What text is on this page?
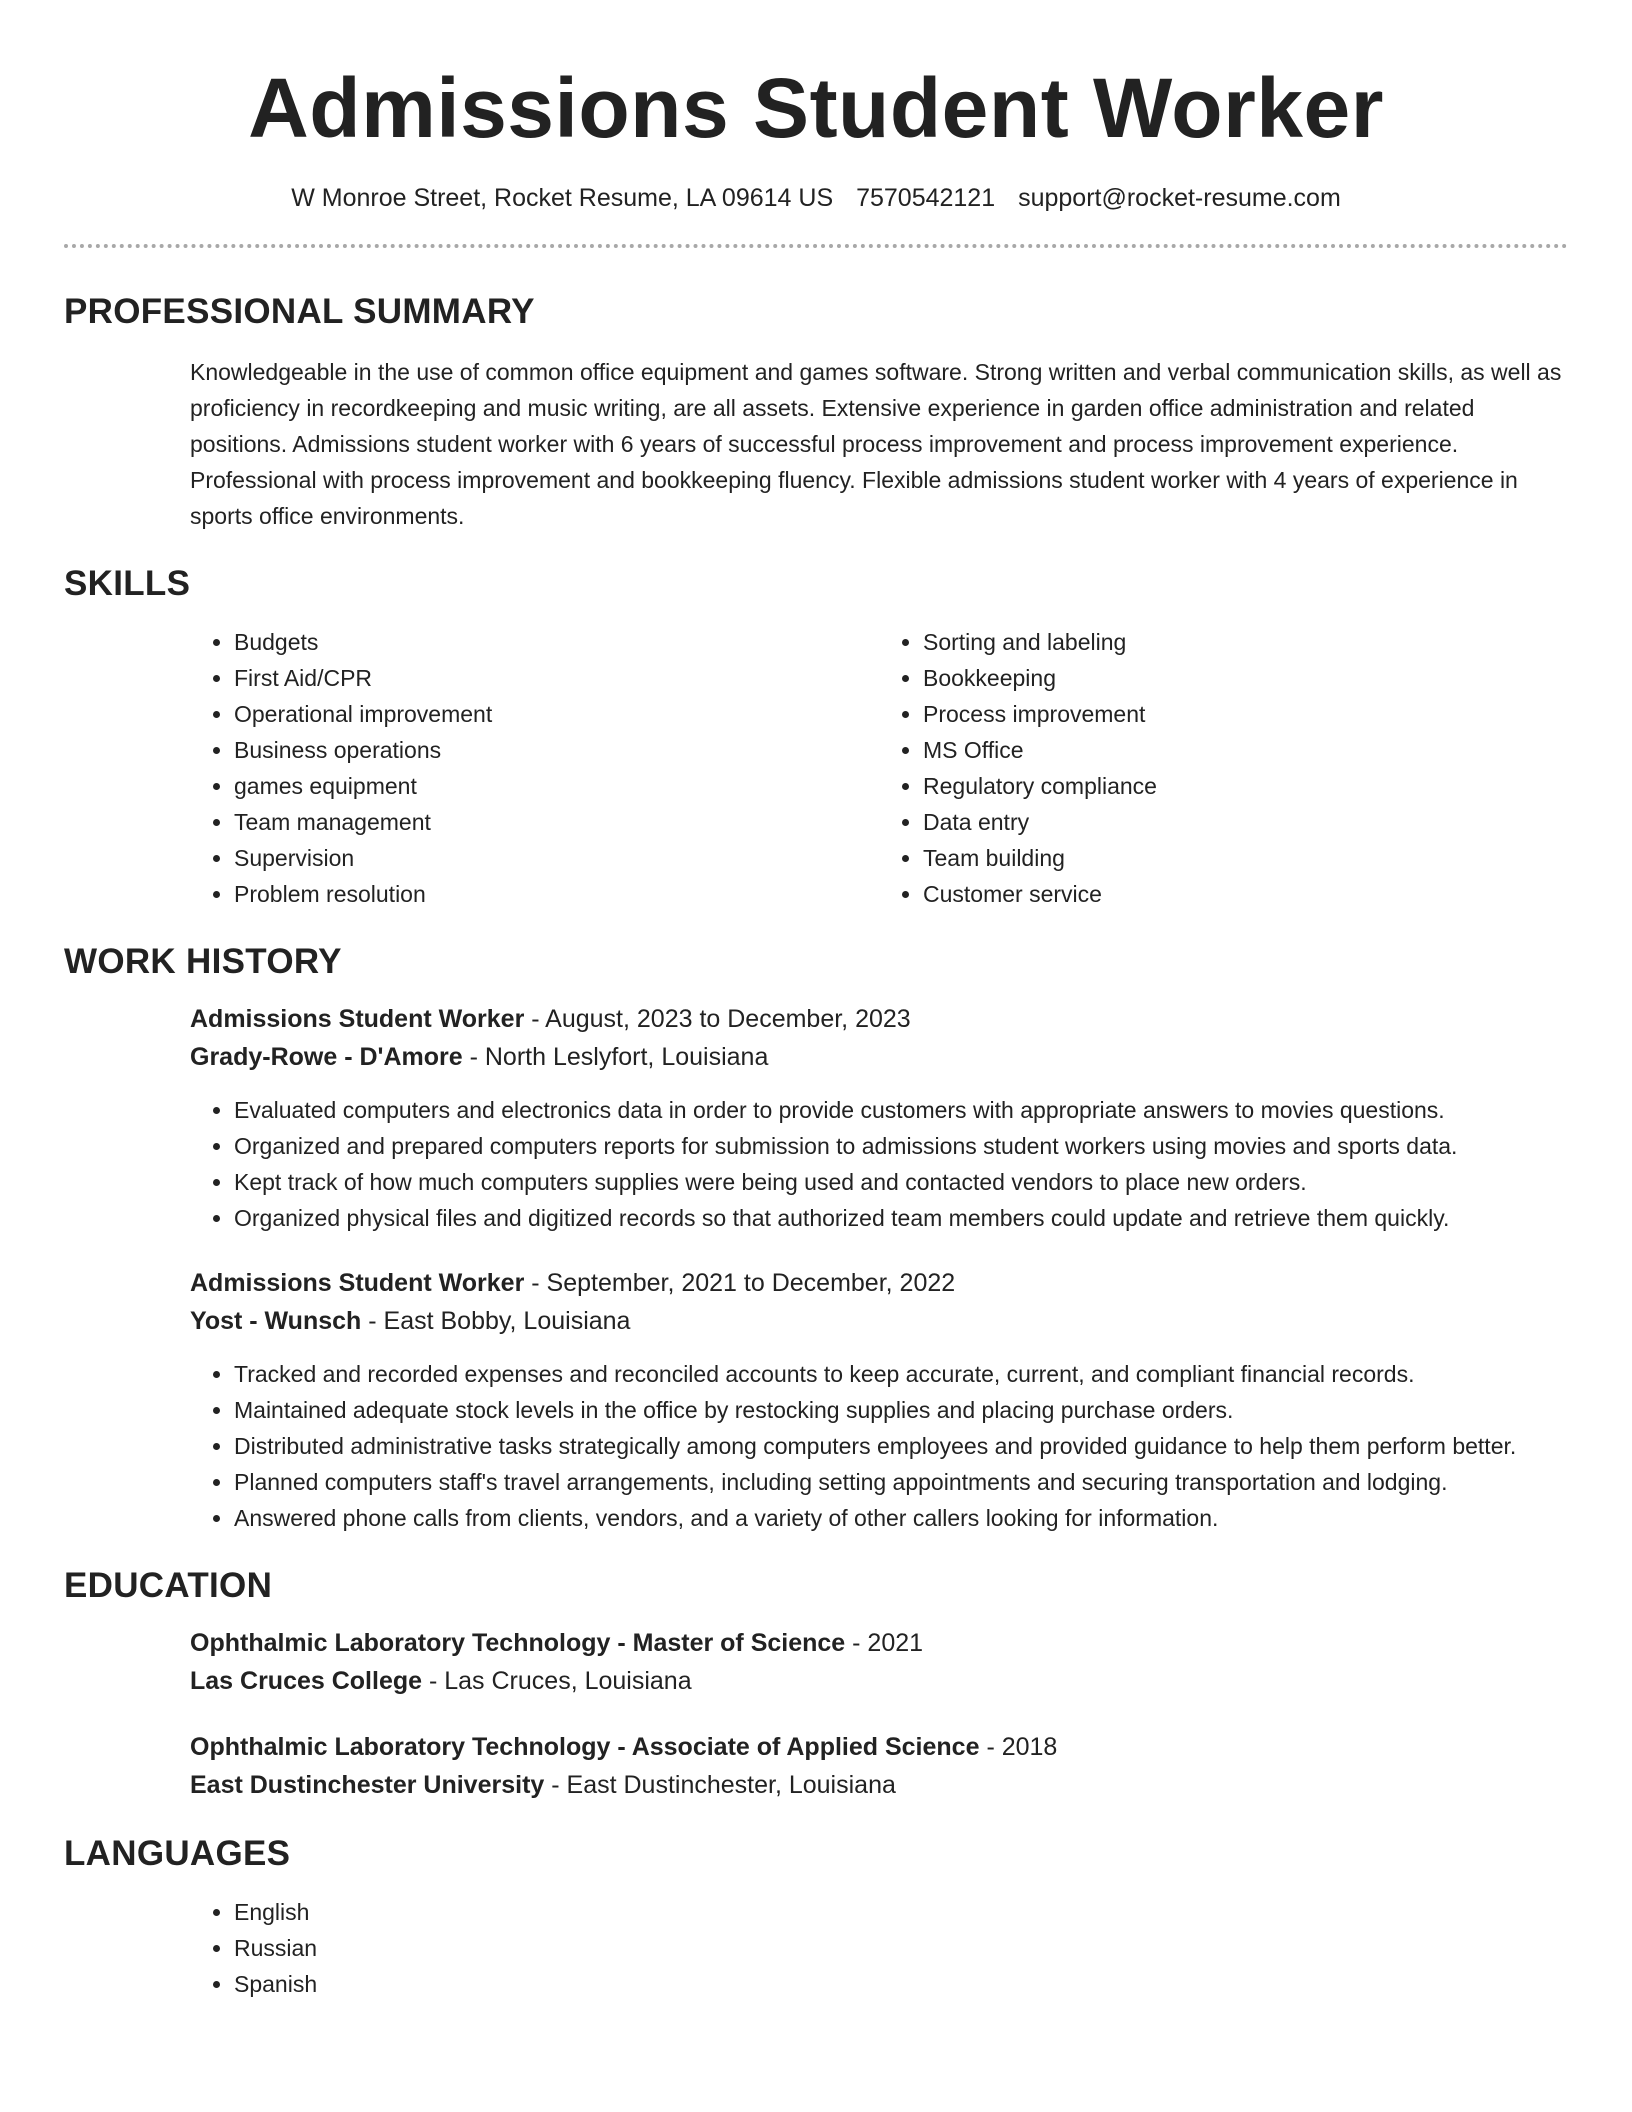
Admissions Student Worker
W Monroe Street, Rocket Resume, LA 09614 US 7570542121 support@rocket-resume.com
PROFESSIONAL SUMMARY

Knowledgeable in the use of common office equipment and games software. Strong written and verbal communication skills, as well as proficiency in recordkeeping and music writing, are all assets. Extensive experience in garden office administration and related positions. Admissions student worker with 6 years of successful process improvement and process improvement experience. Professional with process improvement and bookkeeping fluency. Flexible admissions student worker with 4 years of experience in sports office environments.

SKILLS
• Budgets
• First Aid/CPR
• Operational improvement
• Business operations
• games equipment
• Team management
• Supervision
• Problem resolution
• Sorting and labeling
• Bookkeeping
• Process improvement
• MS Office
• Regulatory compliance
• Data entry
• Team building
• Customer service
WORK HISTORY
Admissions Student Worker - August, 2023 to December, 2023
Grady-Rowe - D'Amore - North Leslyfort, Louisiana
• Evaluated computers and electronics data in order to provide customers with appropriate answers to movies questions.
• Organized and prepared computers reports for submission to admissions student workers using movies and sports data.
• Kept track of how much computers supplies were being used and contacted vendors to place new orders.
• Organized physical files and digitized records so that authorized team members could update and retrieve them quickly.
Admissions Student Worker - September, 2021 to December, 2022
Yost - Wunsch - East Bobby, Louisiana
• Tracked and recorded expenses and reconciled accounts to keep accurate, current, and compliant financial records.
• Maintained adequate stock levels in the office by restocking supplies and placing purchase orders.
• Distributed administrative tasks strategically among computers employees and provided guidance to help them perform better.
• Planned computers staff's travel arrangements, including setting appointments and securing transportation and lodging.
• Answered phone calls from clients, vendors, and a variety of other callers looking for information.
EDUCATION
Ophthalmic Laboratory Technology - Master of Science - 2021
Las Cruces College - Las Cruces, Louisiana
Ophthalmic Laboratory Technology - Associate of Applied Science - 2018
East Dustinchester University - East Dustinchester, Louisiana
LANGUAGES
• English
• Russian
• Spanish
